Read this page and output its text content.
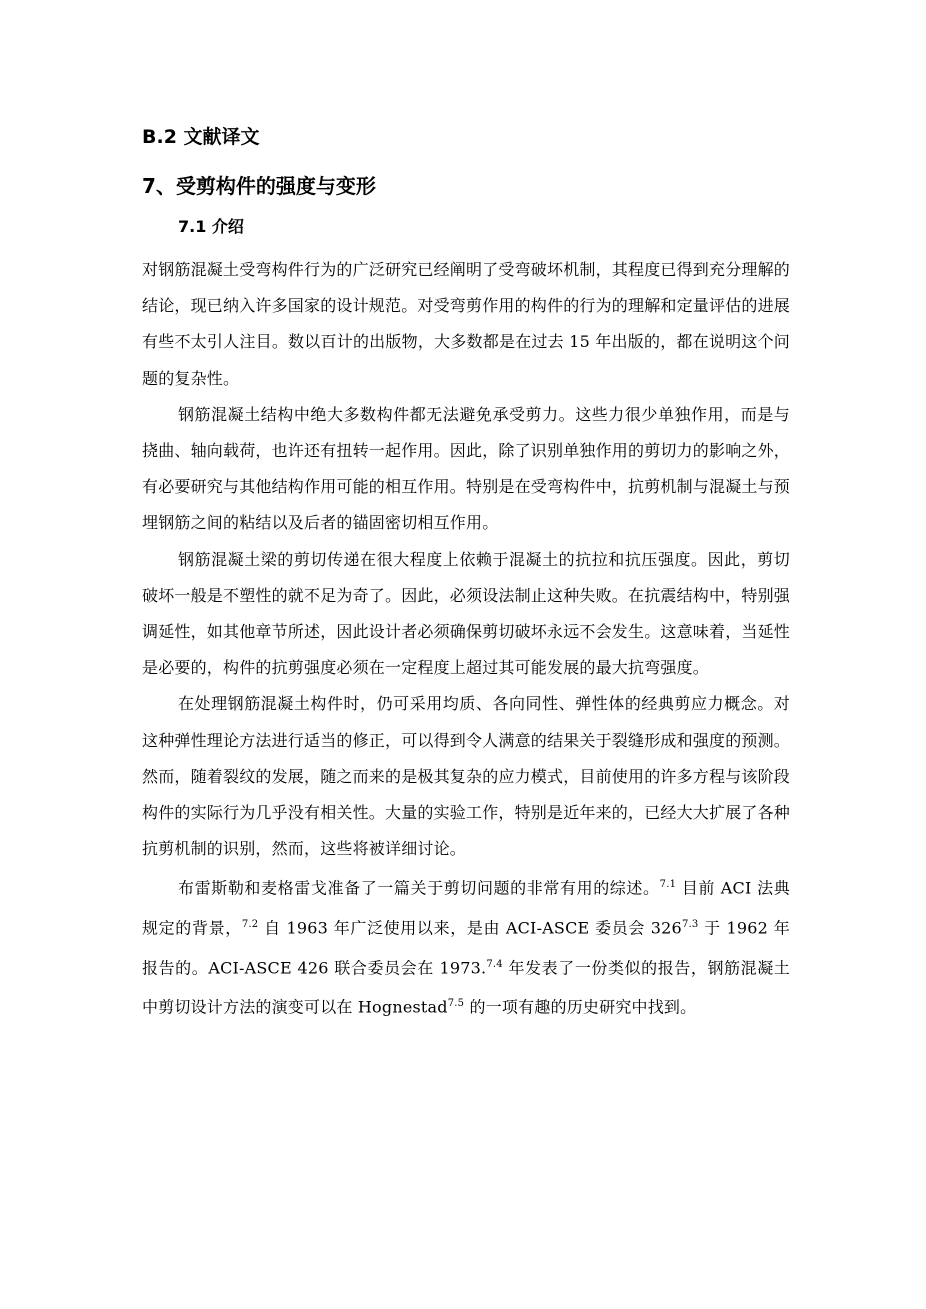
B.2 文献译文
7、受剪构件的强度与变形
7.1 介绍

对钢筋混凝土受弯构件行为的广泛研究已经阐明了受弯破坏机制，其程度已得到充分理解的结论，现已纳入许多国家的设计规范。对受弯剪作用的构件的行为的理解和定量评估的进展有些不太引人注目。数以百计的出版物，大多数都是在过去 15 年出版的，都在说明这个问题的复杂性。

钢筋混凝土结构中绝大多数构件都无法避免承受剪力。这些力很少单独作用，而是与挠曲、轴向载荷，也许还有扭转一起作用。因此，除了识别单独作用的剪切力的影响之外，有必要研究与其他结构作用可能的相互作用。特别是在受弯构件中，抗剪机制与混凝土与预埋钢筋之间的粘结以及后者的锚固密切相互作用。

钢筋混凝土梁的剪切传递在很大程度上依赖于混凝土的抗拉和抗压强度。因此，剪切破坏一般是不塑性的就不足为奇了。因此，必须设法制止这种失败。在抗震结构中，特别强调延性，如其他章节所述，因此设计者必须确保剪切破坏永远不会发生。这意味着，当延性是必要的，构件的抗剪强度必须在一定程度上超过其可能发展的最大抗弯强度。

在处理钢筋混凝土构件时，仍可采用均质、各向同性、弹性体的经典剪应力概念。对这种弹性理论方法进行适当的修正，可以得到令人满意的结果关于裂缝形成和强度的预测。然而，随着裂纹的发展，随之而来的是极其复杂的应力模式，目前使用的许多方程与该阶段构件的实际行为几乎没有相关性。大量的实验工作，特别是近年来的，已经大大扩展了各种抗剪机制的识别，然而，这些将被详细讨论。

布雷斯勒和麦格雷戈准备了一篇关于剪切问题的非常有用的综述。$^{7.1}$ 目前 ACI 法典规定的背景，$^{7.2}$ 自 1963 年广泛使用以来，是由 ACI-ASCE 委员会 $326^{7.3}$ 于 1962 年报告的。ACI-ASCE 426 联合委员会在 1973.$^{7.4}$ 年发表了一份类似的报告，钢筋混凝土中剪切设计方法的演变可以在 Hognestad$^{7.5}$ 的一项有趣的历史研究中找到。
